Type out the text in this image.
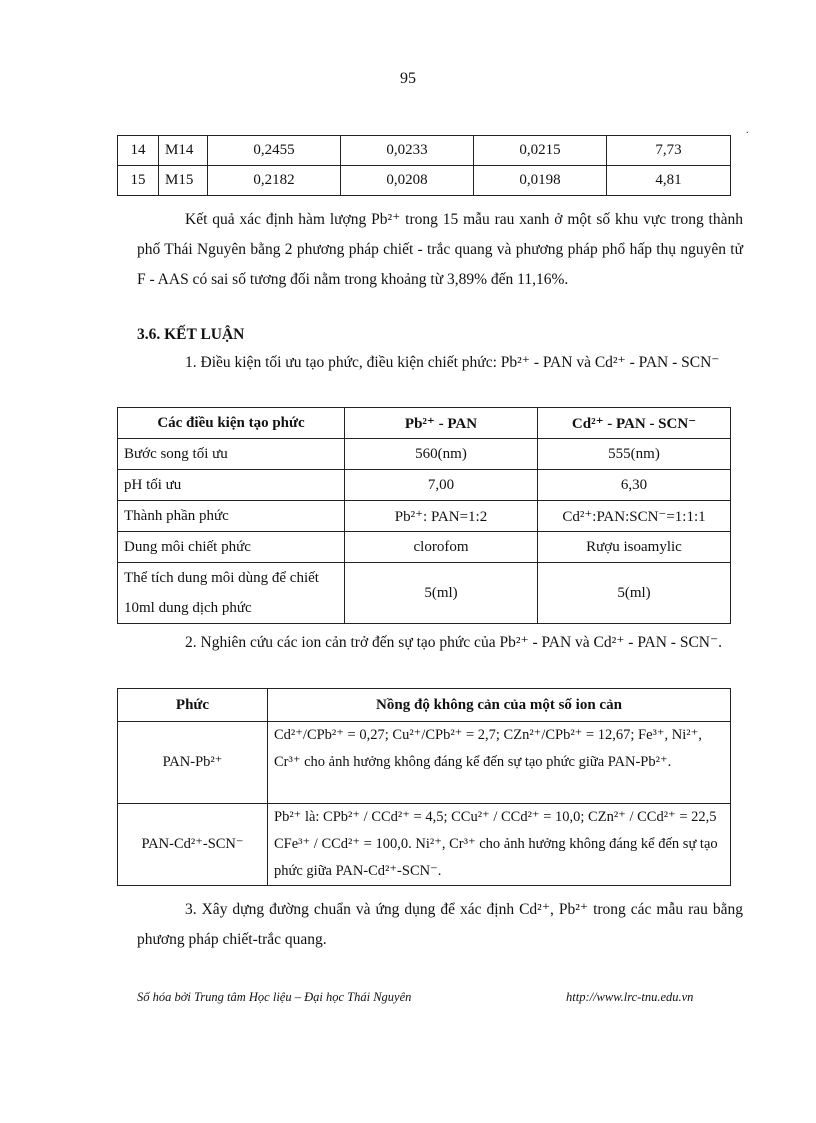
95
.
14	M14	0,2455	0,0233	0,0215	7,73
15	M15	0,2182	0,0208	0,0198	4,81

Kết quả xác định hàm lượng Pb²⁺ trong 15 mẫu rau xanh ở một số khu vực trong thành phố Thái Nguyên bằng 2 phương pháp chiết - trắc quang và phương pháp phổ hấp thụ nguyên tử F - AAS có sai số tương đối nằm trong khoảng từ 3,89% đến 11,16%.

3.6. KẾT LUẬN

1. Điều kiện tối ưu tạo phức, điều kiện chiết phức: Pb²⁺ - PAN và Cd²⁺ - PAN - SCN⁻

Các điều kiện tạo phức	Pb²⁺ - PAN	Cd²⁺ - PAN - SCN⁻
Bước song tối ưu	560(nm)	555(nm)
pH tối ưu	7,00	6,30
Thành phần phức	Pb²⁺: PAN=1:2	Cd²⁺:PAN:SCN⁻=1:1:1
Dung môi chiết phức	clorofom	Rượu isoamylic
Thể tích dung môi dùng để chiết 10ml dung dịch phức	5(ml)	5(ml)

2. Nghiên cứu các ion cản trở đến sự tạo phức của Pb²⁺ - PAN và Cd²⁺ - PAN - SCN⁻.

Phức	Nồng độ không cản của một số ion cản
PAN-Pb²⁺	Cd²⁺/CPb²⁺ = 0,27; Cu²⁺/CPb²⁺ = 2,7; CZn²⁺/CPb²⁺ = 12,67; Fe³⁺, Ni²⁺, Cr³⁺ cho ảnh hưởng không đáng kể đến sự tạo phức giữa PAN-Pb²⁺.
PAN-Cd²⁺-SCN⁻	Pb²⁺ là: CPb²⁺ / CCd²⁺ = 4,5; CCu²⁺ / CCd²⁺ = 10,0; CZn²⁺ / CCd²⁺ = 22,5 CFe³⁺ / CCd²⁺ = 100,0. Ni²⁺, Cr³⁺ cho ảnh hưởng không đáng kể đến sự tạo phức giữa PAN-Cd²⁺-SCN⁻.

3. Xây dựng đường chuẩn và ứng dụng để xác định Cd²⁺, Pb²⁺ trong các mẫu rau bằng phương pháp chiết-trắc quang.

Số hóa bởi Trung tâm Học liệu – Đại học Thái Nguyên	http://www.lrc-tnu.edu.vn
